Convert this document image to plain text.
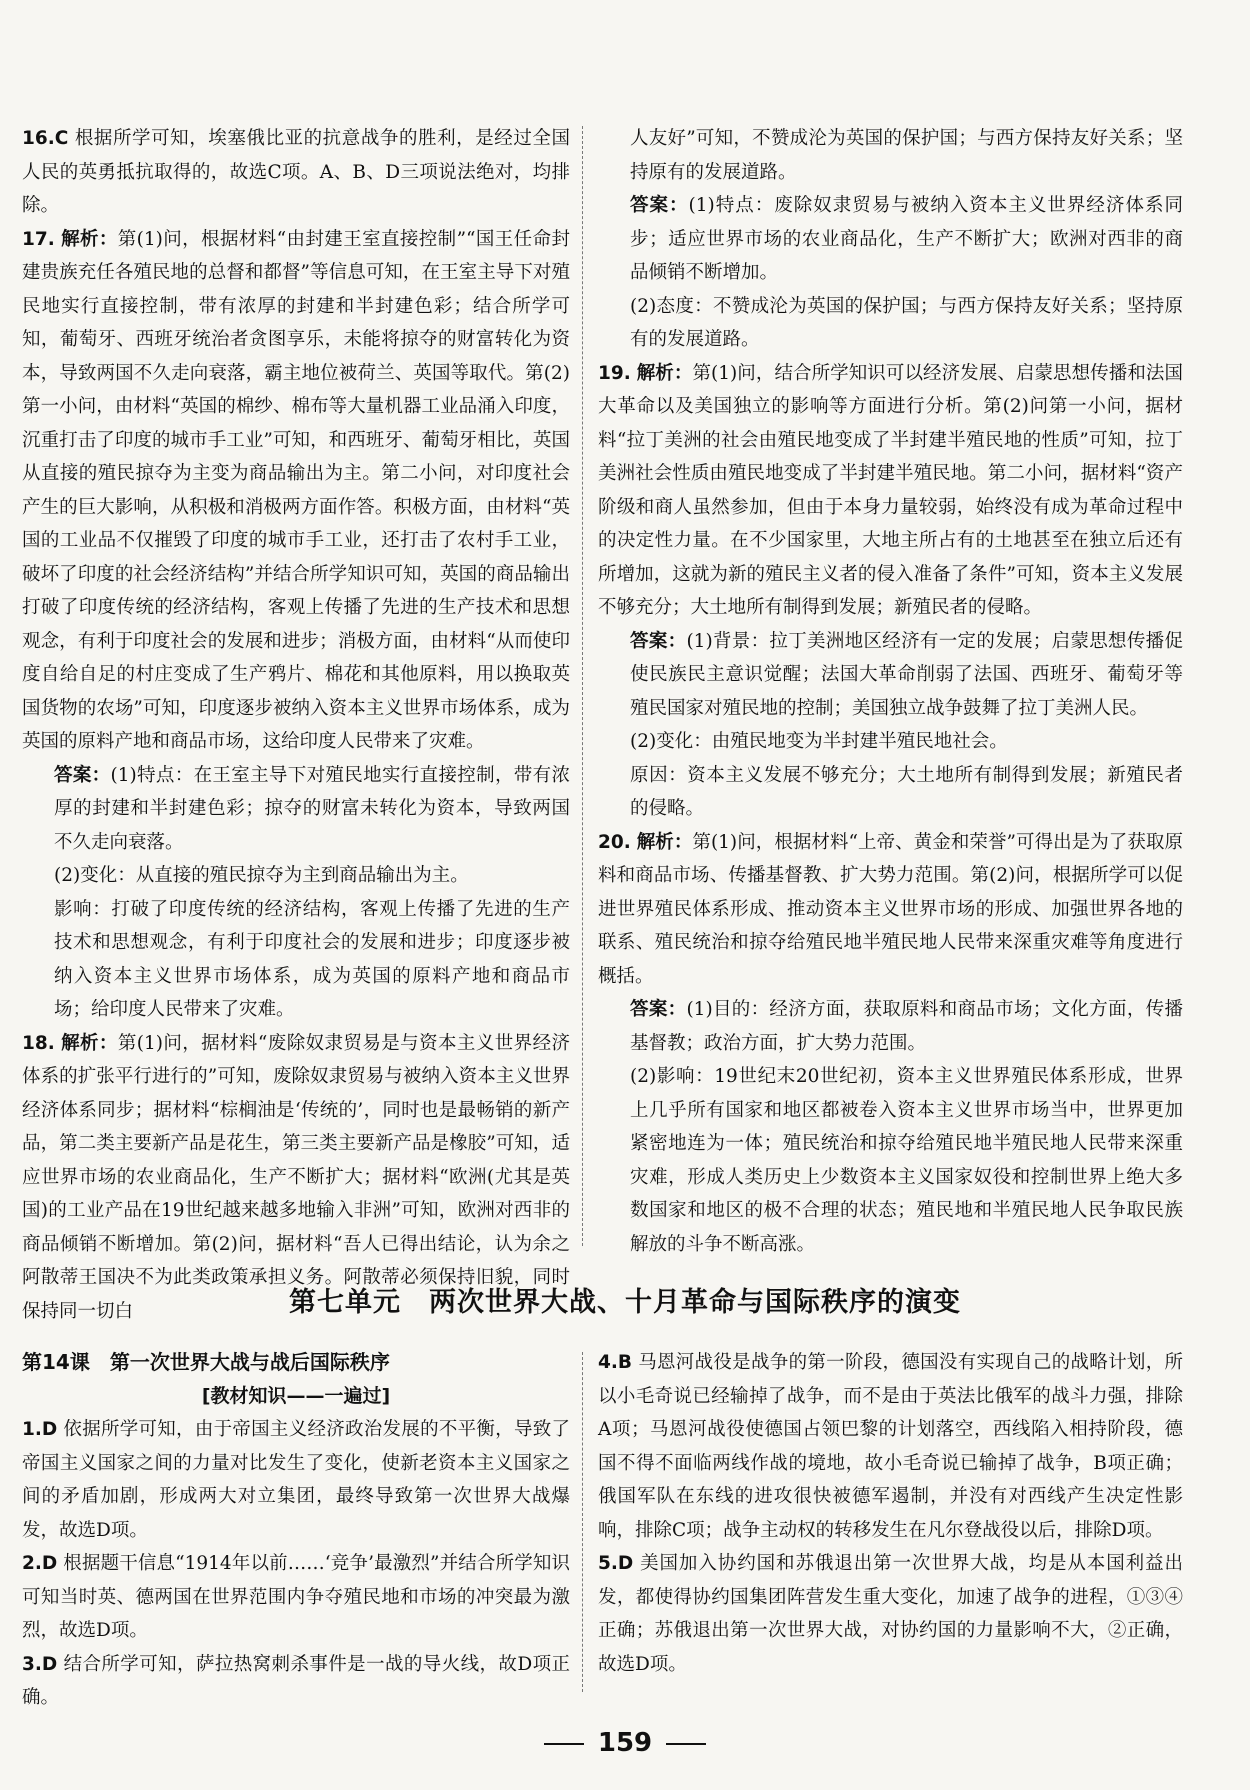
16.C 根据所学可知，埃塞俄比亚的抗意战争的胜利，是经过全国人民的英勇抵抗取得的，故选C项。A、B、D三项说法绝对，均排除。

17. 解析：第(1)问，根据材料“由封建王室直接控制”“国王任命封建贵族充任各殖民地的总督和都督”等信息可知，在王室主导下对殖民地实行直接控制，带有浓厚的封建和半封建色彩；结合所学可知，葡萄牙、西班牙统治者贪图享乐，未能将掠夺的财富转化为资本，导致两国不久走向衰落，霸主地位被荷兰、英国等取代。第(2)第一小问，由材料“英国的棉纱、棉布等大量机器工业品涌入印度，沉重打击了印度的城市手工业”可知，和西班牙、葡萄牙相比，英国从直接的殖民掠夺为主变为商品输出为主。第二小问，对印度社会产生的巨大影响，从积极和消极两方面作答。积极方面，由材料“英国的工业品不仅摧毁了印度的城市手工业，还打击了农村手工业，破坏了印度的社会经济结构”并结合所学知识可知，英国的商品输出打破了印度传统的经济结构，客观上传播了先进的生产技术和思想观念，有利于印度社会的发展和进步；消极方面，由材料“从而使印度自给自足的村庄变成了生产鸦片、棉花和其他原料，用以换取英国货物的农场”可知，印度逐步被纳入资本主义世界市场体系，成为英国的原料产地和商品市场，这给印度人民带来了灾难。

答案：(1)特点：在王室主导下对殖民地实行直接控制，带有浓厚的封建和半封建色彩；掠夺的财富未转化为资本，导致两国不久走向衰落。

(2)变化：从直接的殖民掠夺为主到商品输出为主。

影响：打破了印度传统的经济结构，客观上传播了先进的生产技术和思想观念，有利于印度社会的发展和进步；印度逐步被纳入资本主义世界市场体系，成为英国的原料产地和商品市场；给印度人民带来了灾难。

18. 解析：第(1)问，据材料“废除奴隶贸易是与资本主义世界经济体系的扩张平行进行的”可知，废除奴隶贸易与被纳入资本主义世界经济体系同步；据材料“棕榈油是‘传统的’，同时也是最畅销的新产品，第二类主要新产品是花生，第三类主要新产品是橡胶”可知，适应世界市场的农业商品化，生产不断扩大；据材料“欧洲(尤其是英国)的工业产品在19世纪越来越多地输入非洲”可知，欧洲对西非的商品倾销不断增加。第(2)问，据材料“吾人已得出结论，认为余之阿散蒂王国决不为此类政策承担义务。阿散蒂必须保持旧貌，同时保持同一切白

人友好”可知，不赞成沦为英国的保护国；与西方保持友好关系；坚持原有的发展道路。

答案：(1)特点：废除奴隶贸易与被纳入资本主义世界经济体系同步；适应世界市场的农业商品化，生产不断扩大；欧洲对西非的商品倾销不断增加。

(2)态度：不赞成沦为英国的保护国；与西方保持友好关系；坚持原有的发展道路。

19. 解析：第(1)问，结合所学知识可以经济发展、启蒙思想传播和法国大革命以及美国独立的影响等方面进行分析。第(2)问第一小问，据材料“拉丁美洲的社会由殖民地变成了半封建半殖民地的性质”可知，拉丁美洲社会性质由殖民地变成了半封建半殖民地。第二小问，据材料“资产阶级和商人虽然参加，但由于本身力量较弱，始终没有成为革命过程中的决定性力量。在不少国家里，大地主所占有的土地甚至在独立后还有所增加，这就为新的殖民主义者的侵入准备了条件”可知，资本主义发展不够充分；大土地所有制得到发展；新殖民者的侵略。

答案：(1)背景：拉丁美洲地区经济有一定的发展；启蒙思想传播促使民族民主意识觉醒；法国大革命削弱了法国、西班牙、葡萄牙等殖民国家对殖民地的控制；美国独立战争鼓舞了拉丁美洲人民。

(2)变化：由殖民地变为半封建半殖民地社会。

原因：资本主义发展不够充分；大土地所有制得到发展；新殖民者的侵略。

20. 解析：第(1)问，根据材料“上帝、黄金和荣誉”可得出是为了获取原料和商品市场、传播基督教、扩大势力范围。第(2)问，根据所学可以促进世界殖民体系形成、推动资本主义世界市场的形成、加强世界各地的联系、殖民统治和掠夺给殖民地半殖民地人民带来深重灾难等角度进行概括。

答案：(1)目的：经济方面，获取原料和商品市场；文化方面，传播基督教；政治方面，扩大势力范围。

(2)影响：19世纪末20世纪初，资本主义世界殖民体系形成，世界上几乎所有国家和地区都被卷入资本主义世界市场当中，世界更加紧密地连为一体；殖民统治和掠夺给殖民地半殖民地人民带来深重灾难，形成人类历史上少数资本主义国家奴役和控制世界上绝大多数国家和地区的极不合理的状态；殖民地和半殖民地人民争取民族解放的斗争不断高涨。

第七单元　两次世界大战、十月革命与国际秩序的演变

第14课　第一次世界大战与战后国际秩序

[教材知识——一遍过]

1.D 依据所学可知，由于帝国主义经济政治发展的不平衡，导致了帝国主义国家之间的力量对比发生了变化，使新老资本主义国家之间的矛盾加剧，形成两大对立集团，最终导致第一次世界大战爆发，故选D项。

2.D 根据题干信息“1914年以前……‘竞争’最激烈”并结合所学知识可知当时英、德两国在世界范围内争夺殖民地和市场的冲突最为激烈，故选D项。

3.D 结合所学可知，萨拉热窝刺杀事件是一战的导火线，故D项正确。

4.B 马恩河战役是战争的第一阶段，德国没有实现自己的战略计划，所以小毛奇说已经输掉了战争，而不是由于英法比俄军的战斗力强，排除A项；马恩河战役使德国占领巴黎的计划落空，西线陷入相持阶段，德国不得不面临两线作战的境地，故小毛奇说已输掉了战争，B项正确；俄国军队在东线的进攻很快被德军遏制，并没有对西线产生决定性影响，排除C项；战争主动权的转移发生在凡尔登战役以后，排除D项。

5.D 美国加入协约国和苏俄退出第一次世界大战，均是从本国利益出发，都使得协约国集团阵营发生重大变化，加速了战争的进程，①③④正确；苏俄退出第一次世界大战，对协约国的力量影响不大，②正确，故选D项。

159
